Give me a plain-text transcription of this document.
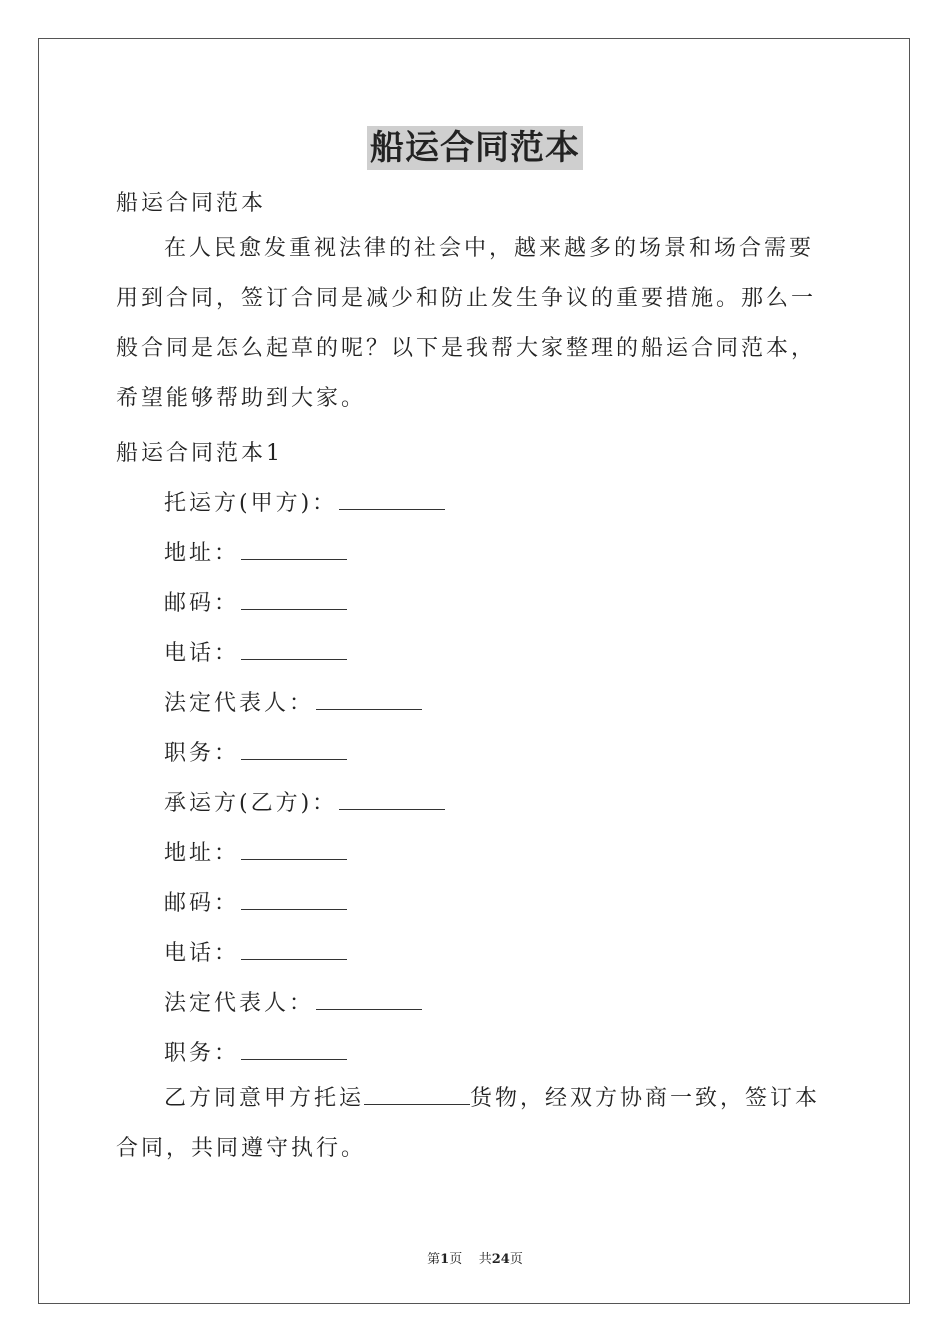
船运合同范本
船运合同范本
在人民愈发重视法律的社会中，越来越多的场景和场合需要用到合同，签订合同是减少和防止发生争议的重要措施。那么一般合同是怎么起草的呢？以下是我帮大家整理的船运合同范本，希望能够帮助到大家。
船运合同范本1
托运方(甲方)：
地址：
邮码：
电话：
法定代表人：
职务：
承运方(乙方)：
地址：
邮码：
电话：
法定代表人：
职务：
乙方同意甲方托运	货物，经双方协商一致，签订本合同，共同遵守执行。
第1页 共24页
